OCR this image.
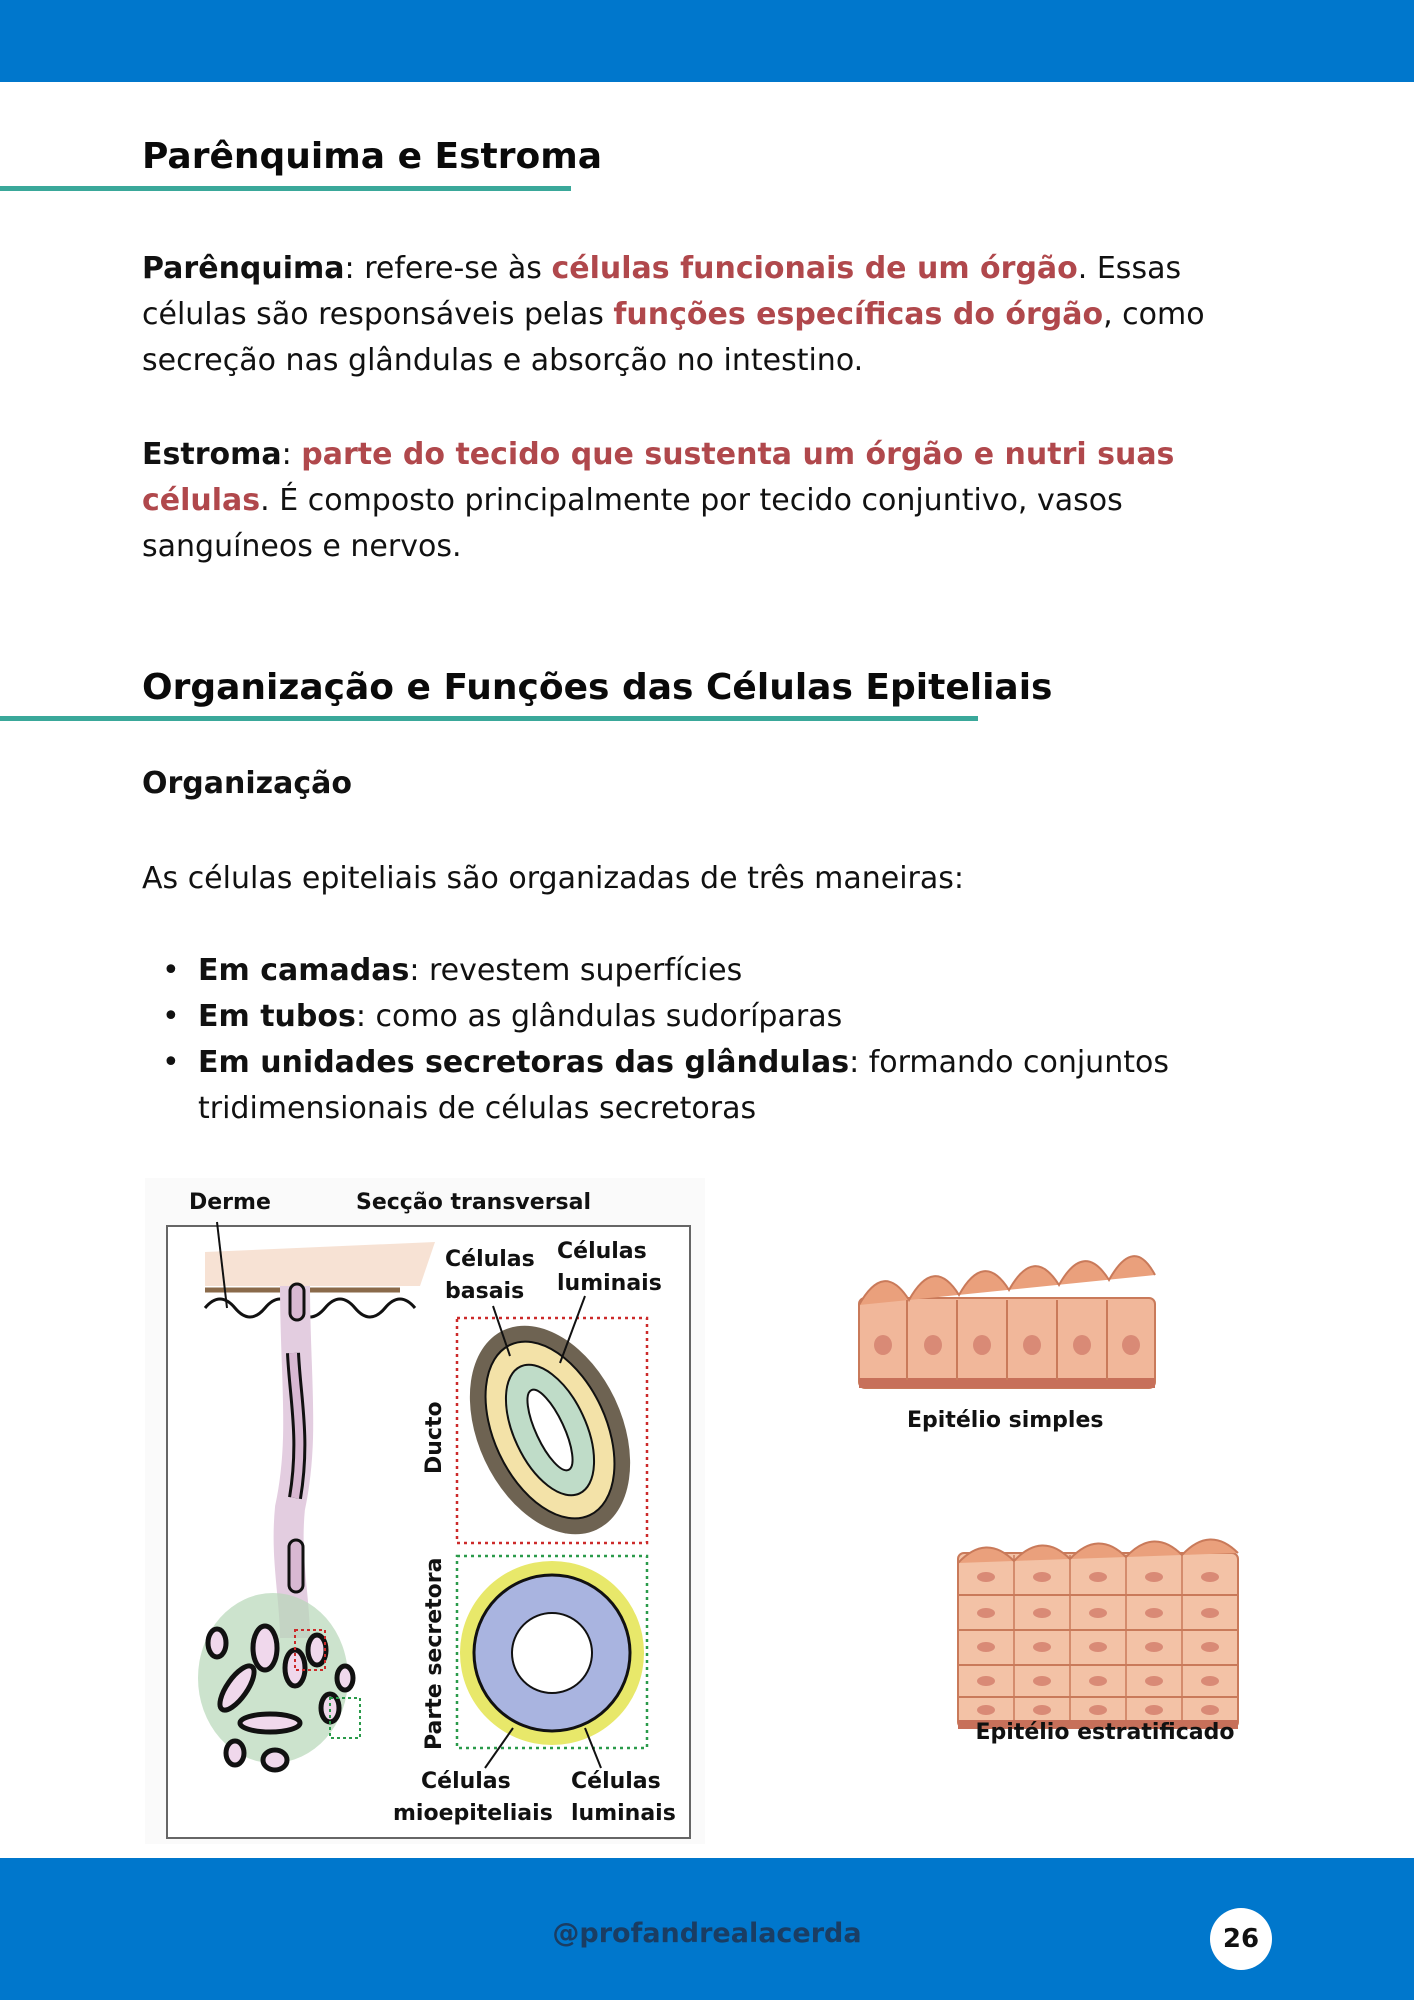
Parênquima e Estroma

Parênquima: refere-se às células funcionais de um órgão. Essas células são responsáveis pelas funções específicas do órgão, como secreção nas glândulas e absorção no intestino.

Estroma: parte do tecido que sustenta um órgão e nutri suas células. É composto principalmente por tecido conjuntivo, vasos sanguíneos e nervos.

Organização e Funções das Células Epiteliais
Organização

As células epiteliais são organizadas de três maneiras:

• Em camadas: revestem superfícies
• Em tubos: como as glândulas sudoríparas
• Em unidades secretoras das glândulas: formando conjuntos tridimensionais de células secretoras
Derme	Secção transversal
Células
basais
Células
luminais
Ducto
Parte secretora
Células
mioepiteliais
Células
luminais
Epitélio simples
Epitélio estratificado
@profandrealacerda	26
